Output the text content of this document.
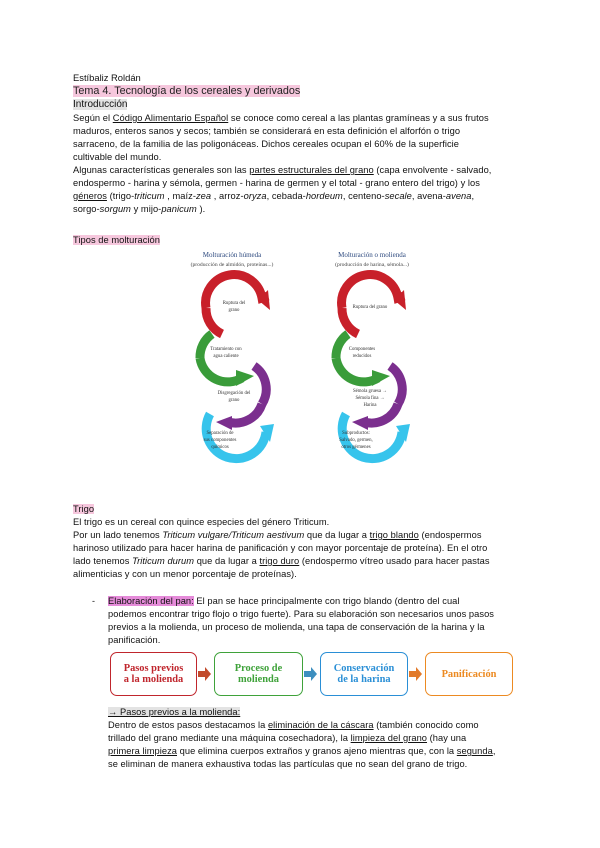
Estíbaliz Roldán
Tema 4. Tecnología de los cereales y derivados
Introducción
Según el Código Alimentario Español se conoce como cereal a las plantas gramíneas y a sus frutos
maduros, enteros sanos y secos; también se considerará en esta definición el alforfón o trigo
sarraceno, de la familia de las poligonáceas. Dichos cereales ocupan el 60% de la superficie
cultivable del mundo.
Algunas características generales son las partes estructurales del grano (capa envolvente - salvado,
endospermo - harina y sémola, germen - harina de germen y el total - grano entero del trigo) y los
géneros (trigo-triticum , maíz-zea , arroz-oryza, cebada-hordeum, centeno-secale, avena-avena,
sorgo-sorgum y mijo-panicum ).
Tipos de molturación
Molturación húmeda
(producción de almidón, proteínas...)
Molturación o molienda
(producción de harina, sémola...)
Ruptura del
grano
Tratamiento con
agua caliente
Disgregación del
grano
Separación de
sus componentes
químicos
Ruptura del grano
Componentes
reducidos
Sémola gruesa →
Sémola fina →
Harina
Subproductos:
Salvado, germen,
otros gérmenes
Trigo
El trigo es un cereal con quince especies del género Triticum.
Por un lado tenemos Triticum vulgare/Triticum aestivum que da lugar a trigo blando (endospermos
harinoso utilizado para hacer harina de panificación y con mayor porcentaje de proteína). En el otro
lado tenemos Triticum durum que da lugar a trigo duro (endospermo vítreo usado para hacer pastas
alimenticias y con un menor porcentaje de proteínas).
- Elaboración del pan: El pan se hace principalmente con trigo blando (dentro del cual
podemos encontrar trigo flojo o trigo fuerte). Para su elaboración son necesarios unos pasos
previos a la molienda, un proceso de molienda, una tapa de conservación de la harina y la
panificación.
Pasos previos
a la molienda
Proceso de
molienda
Conservación
de la harina	Panificación
→ Pasos previos a la molienda:
Dentro de estos pasos destacamos la eliminación de la cáscara (también conocido como
trillado del grano mediante una máquina cosechadora), la limpieza del grano (hay una
primera limpieza que elimina cuerpos extraños y granos ajeno mientras que, con la segunda,
se eliminan de manera exhaustiva todas las partículas que no sean del grano de trigo.
